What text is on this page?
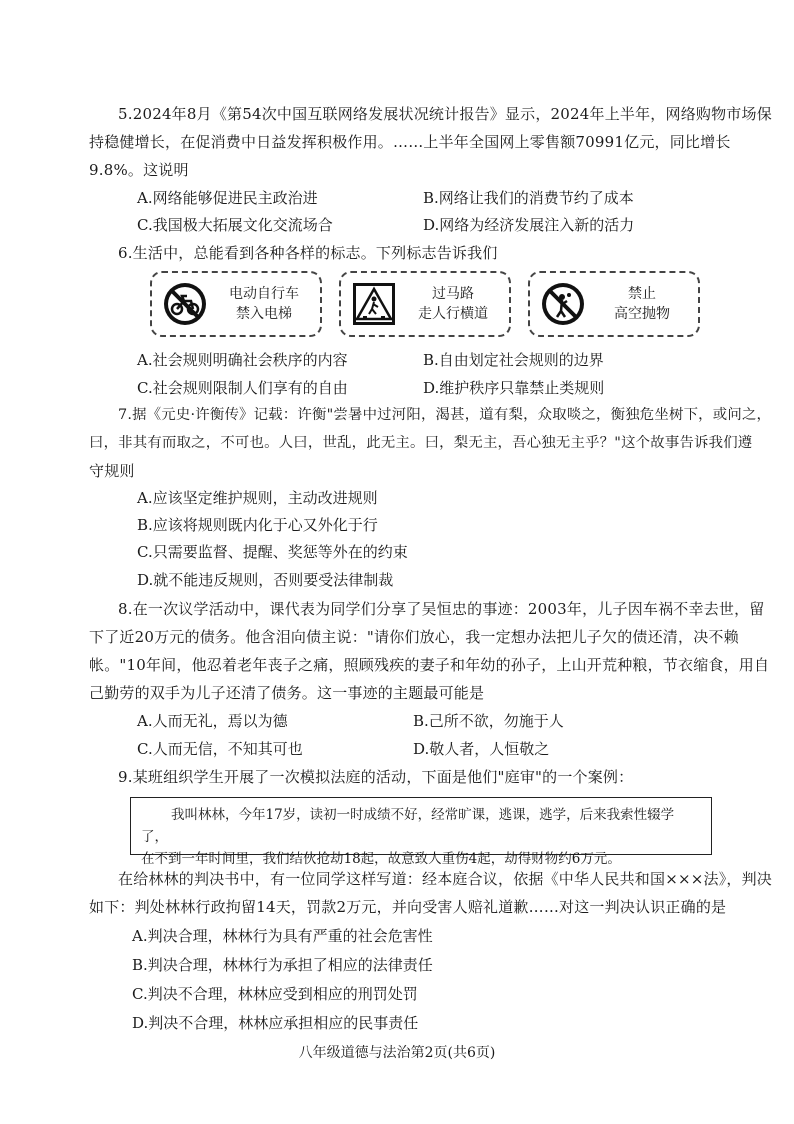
5.2024年8月《第54次中国互联网络发展状况统计报告》显示，2024年上半年，网络购物市场保
持稳健增长，在促消费中日益发挥积极作用。……上半年全国网上零售额70991亿元，同比增长
9.8%。这说明
A.网络能够促进民主政治进	B.网络让我们的消费节约了成本
C.我国极大拓展文化交流场合	D.网络为经济发展注入新的活力
6.生活中，总能看到各种各样的标志。下列标志告诉我们
电动自行车
禁入电梯
过马路
走人行横道
禁止
高空抛物
A.社会规则明确社会秩序的内容	B.自由划定社会规则的边界
C.社会规则限制人们享有的自由	D.维护秩序只靠禁止类规则
7.据《元史·许衡传》记载：许衡"尝暑中过河阳，渴甚，道有梨，众取啖之，衡独危坐树下，或问之，
曰，非其有而取之，不可也。人曰，世乱，此无主。曰，梨无主，吾心独无主乎？"这个故事告诉我们遵
守规则
A.应该坚定维护规则，主动改进规则
B.应该将规则既内化于心又外化于行
C.只需要监督、提醒、奖惩等外在的约束
D.就不能违反规则，否则要受法律制裁
8.在一次议学活动中，课代表为同学们分享了吴恒忠的事迹：2003年，儿子因车祸不幸去世，留
下了近20万元的债务。他含泪向债主说："请你们放心，我一定想办法把儿子欠的债还清，决不赖
帐。"10年间，他忍着老年丧子之痛，照顾残疾的妻子和年幼的孙子，上山开荒种粮，节衣缩食，用自
己勤劳的双手为儿子还清了债务。这一事迹的主题最可能是
A.人而无礼，焉以为德	B.己所不欲，勿施于人
C.人而无信，不知其可也	D.敬人者，人恒敬之
9.某班组织学生开展了一次模拟法庭的活动，下面是他们"庭审"的一个案例：
我叫林林，今年17岁，读初一时成绩不好，经常旷课，逃课，逃学，后来我索性辍学了，
在不到一年时间里，我们结伙抢劫18起，故意致人重伤4起，劫得财物约6万元。
在给林林的判决书中，有一位同学这样写道：经本庭合议，依据《中华人民共和国×××法》，判决
如下：判处林林行政拘留14天，罚款2万元，并向受害人赔礼道歉……对这一判决认识正确的是
A.判决合理，林林行为具有严重的社会危害性
B.判决合理，林林行为承担了相应的法律责任
C.判决不合理，林林应受到相应的刑罚处罚
D.判决不合理，林林应承担相应的民事责任
八年级道德与法治第2页(共6页)
